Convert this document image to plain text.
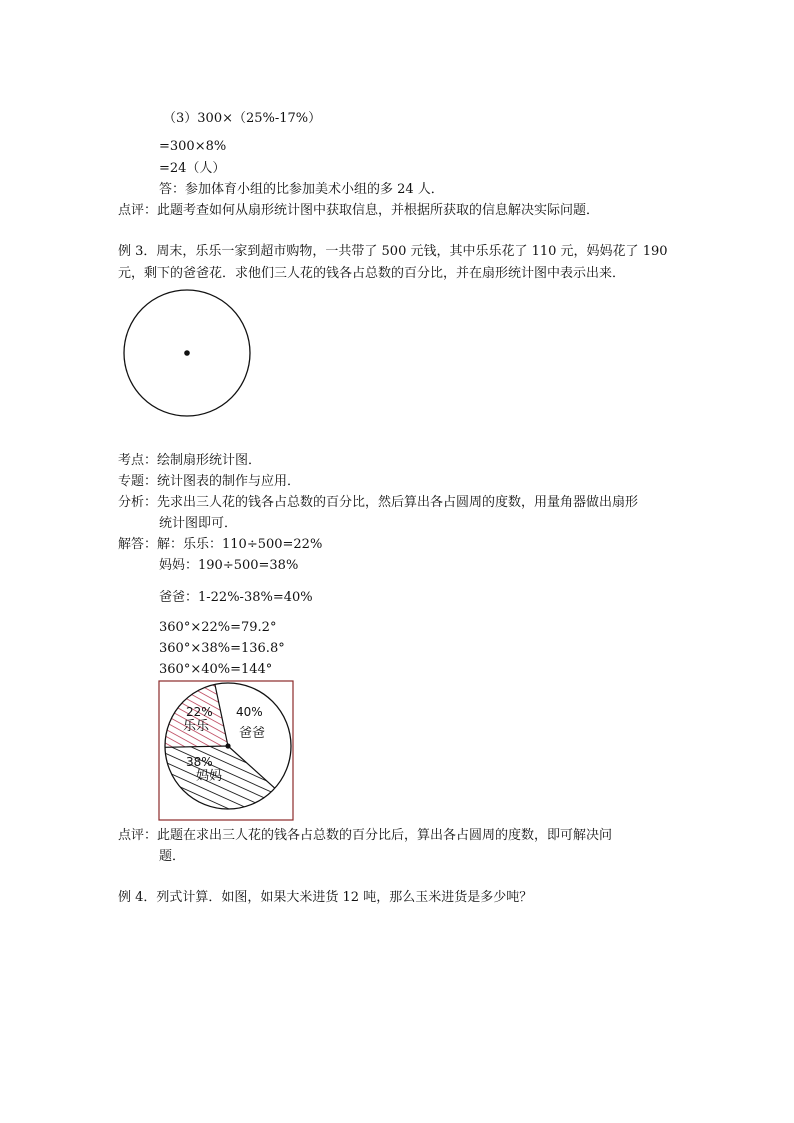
（3）300×（25%-17%）
=300×8%
=24（人）
答：参加体育小组的比参加美术小组的多 24 人．
点评：此题考查如何从扇形统计图中获取信息，并根据所获取的信息解决实际问题．
例 3．周末，乐乐一家到超市购物，一共带了 500 元钱，其中乐乐花了 110 元，妈妈花了 190
元，剩下的爸爸花．求他们三人花的钱各占总数的百分比，并在扇形统计图中表示出来．
考点：绘制扇形统计图．
专题：统计图表的制作与应用．
分析：先求出三人花的钱各占总数的百分比，然后算出各占圆周的度数，用量角器做出扇形
统计图即可．
解答：解：乐乐：110÷500=22%
妈妈：190÷500=38%
爸爸：1-22%-38%=40%
360°×22%=79.2°
360°×38%=136.8°
360°×40%=144°
40%
爸爸
22%
乐乐
38%
妈妈
点评：此题在求出三人花的钱各占总数的百分比后，算出各占圆周的度数，即可解决问
题．
例 4．列式计算．如图，如果大米进货 12 吨，那么玉米进货是多少吨？
